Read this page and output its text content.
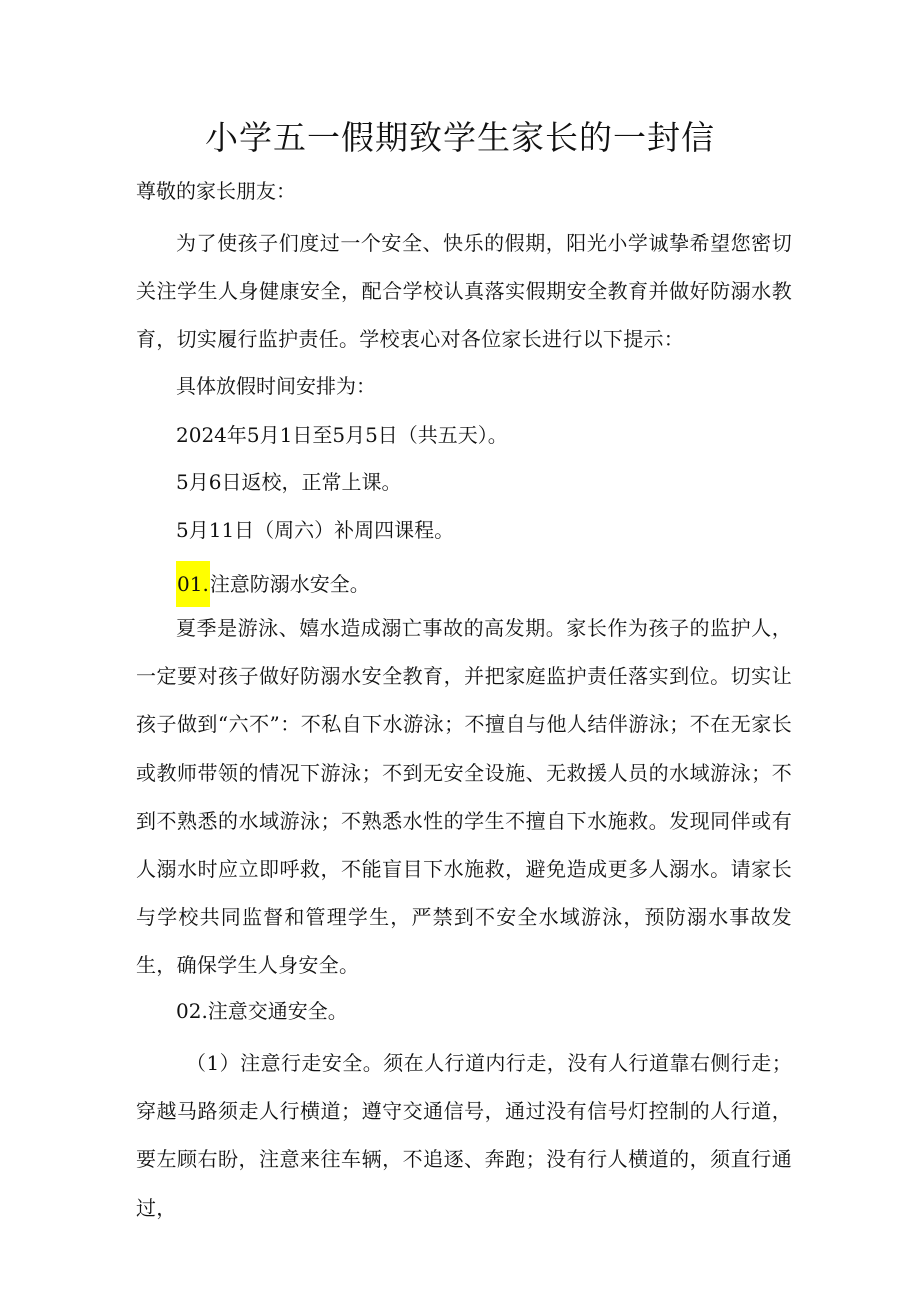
小学五一假期致学生家长的一封信

尊敬的家长朋友：

为了使孩子们度过一个安全、快乐的假期，阳光小学诚挚希望您密切关注学生人身健康安全，配合学校认真落实假期安全教育并做好防溺水教育，切实履行监护责任。学校衷心对各位家长进行以下提示：

具体放假时间安排为：

2024年5月1日至5月5日（共五天）。

5月6日返校，正常上课。

5月11日（周六）补周四课程。

01.注意防溺水安全。

夏季是游泳、嬉水造成溺亡事故的高发期。家长作为孩子的监护人，一定要对孩子做好防溺水安全教育，并把家庭监护责任落实到位。切实让孩子做到“六不”：不私自下水游泳；不擅自与他人结伴游泳；不在无家长或教师带领的情况下游泳；不到无安全设施、无救援人员的水域游泳；不到不熟悉的水域游泳；不熟悉水性的学生不擅自下水施救。发现同伴或有人溺水时应立即呼救，不能盲目下水施救，避免造成更多人溺水。请家长与学校共同监督和管理学生，严禁到不安全水域游泳，预防溺水事故发生，确保学生人身安全。

02.注意交通安全。

（1）注意行走安全。须在人行道内行走，没有人行道靠右侧行走；穿越马路须走人行横道；遵守交通信号，通过没有信号灯控制的人行道，要左顾右盼，注意来往车辆，不追逐、奔跑；没有行人横道的，须直行通过，
